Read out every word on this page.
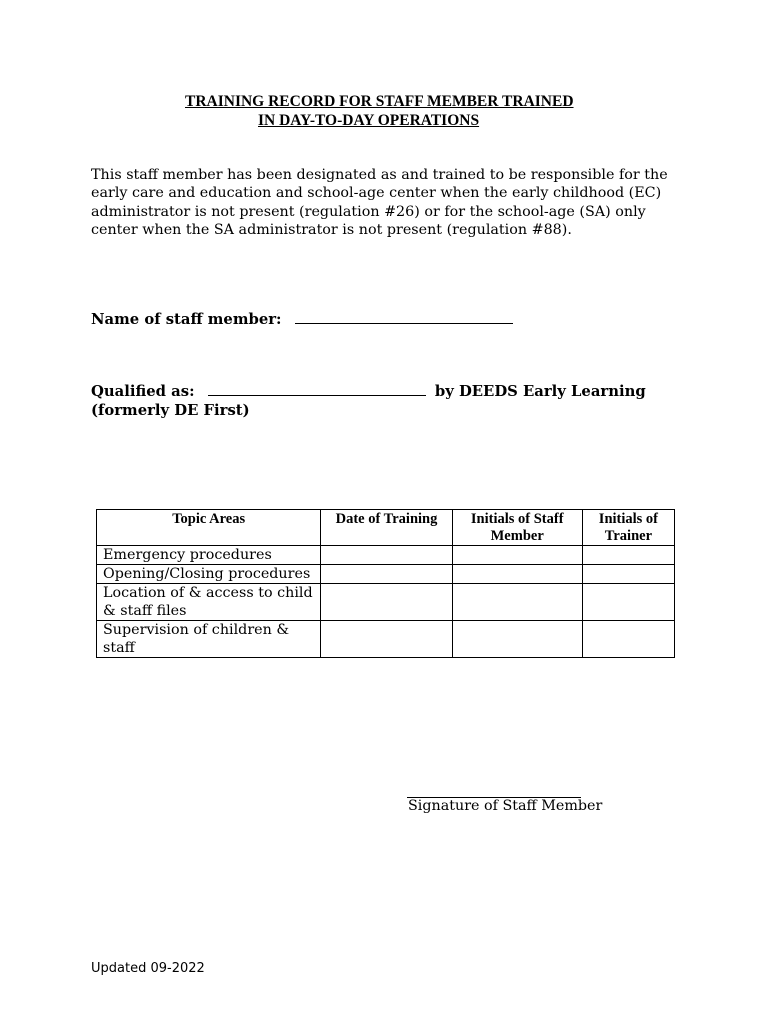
TRAINING RECORD FOR STAFF MEMBER TRAINED
IN DAY-TO-DAY OPERATIONS
This staff member has been designated as and trained to be responsible for the early care and education and school-age center when the early childhood (EC) administrator is not present (regulation #26) or for the school-age (SA) only center when the SA administrator is not present (regulation #88).
Name of staff member:
Qualified as:	by DEEDS Early Learning
(formerly DE First)
Topic Areas	Date of Training	Initials of Staff Member	Initials of Trainer
Emergency procedures			
Opening/Closing procedures			
Location of & access to child & staff files			
Supervision of children & staff			
Signature of Staff Member
Updated 09-2022
